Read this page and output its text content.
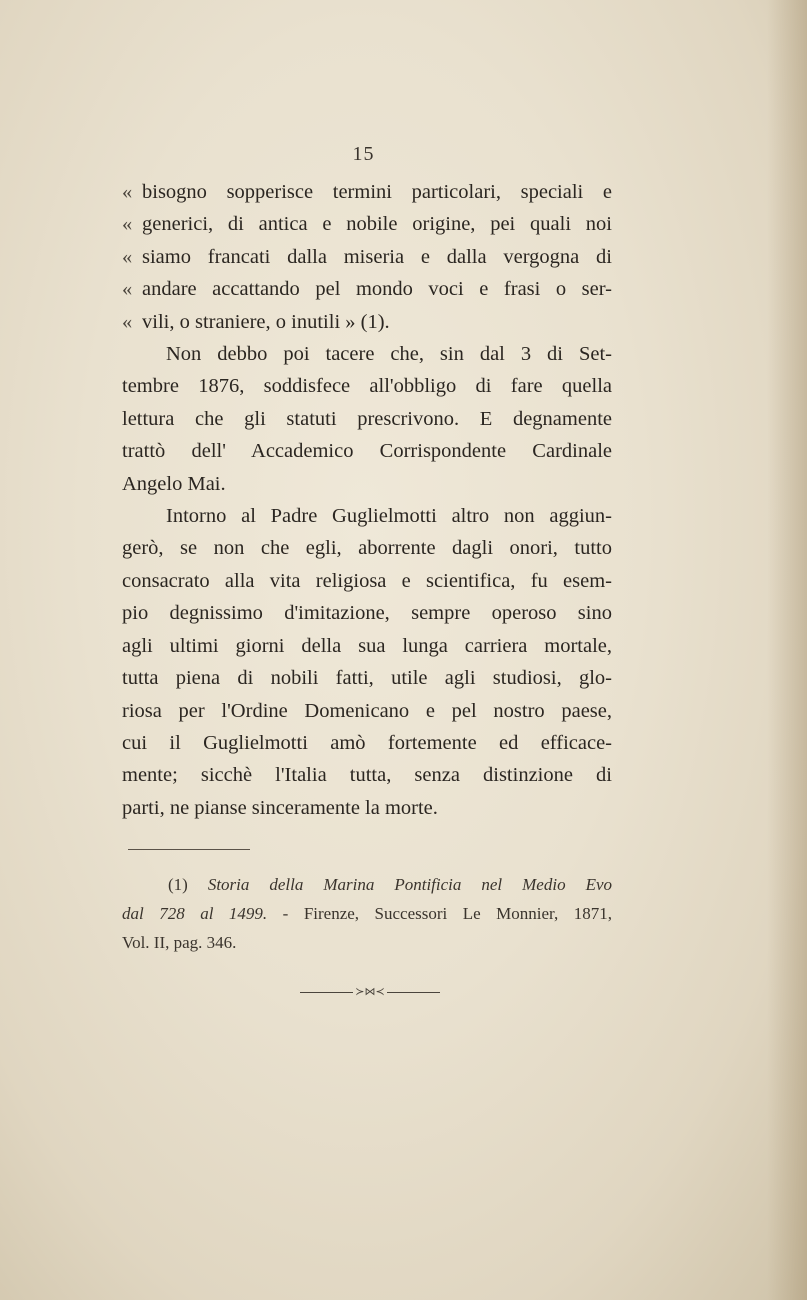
15

« bisogno sopperisce termini particolari, speciali e
« generici, di antica e nobile origine, pei quali noi
« siamo francati dalla miseria e dalla vergogna di
« andare accattando pel mondo voci e frasi o ser-
« vili, o straniere, o inutili » (1).

Non debbo poi tacere che, sin dal 3 di Set-
tembre 1876, soddisfece all'obbligo di fare quella
lettura che gli statuti prescrivono. E degnamente
trattò dell' Accademico Corrispondente Cardinale
Angelo Mai.

Intorno al Padre Guglielmotti altro non aggiun-
gerò, se non che egli, aborrente dagli onori, tutto
consacrato alla vita religiosa e scientifica, fu esem-
pio degnissimo d'imitazione, sempre operoso sino
agli ultimi giorni della sua lunga carriera mortale,
tutta piena di nobili fatti, utile agli studiosi, glo-
riosa per l'Ordine Domenicano e pel nostro paese,
cui il Guglielmotti amò fortemente ed efficace-
mente; sicchè l'Italia tutta, senza distinzione di
parti, ne pianse sinceramente la morte.

(1) Storia della Marina Pontificia nel Medio Evo
dal 728 al 1499. - Firenze, Successori Le Monnier, 1871,
Vol. II, pag. 346.
≻⋈≺
